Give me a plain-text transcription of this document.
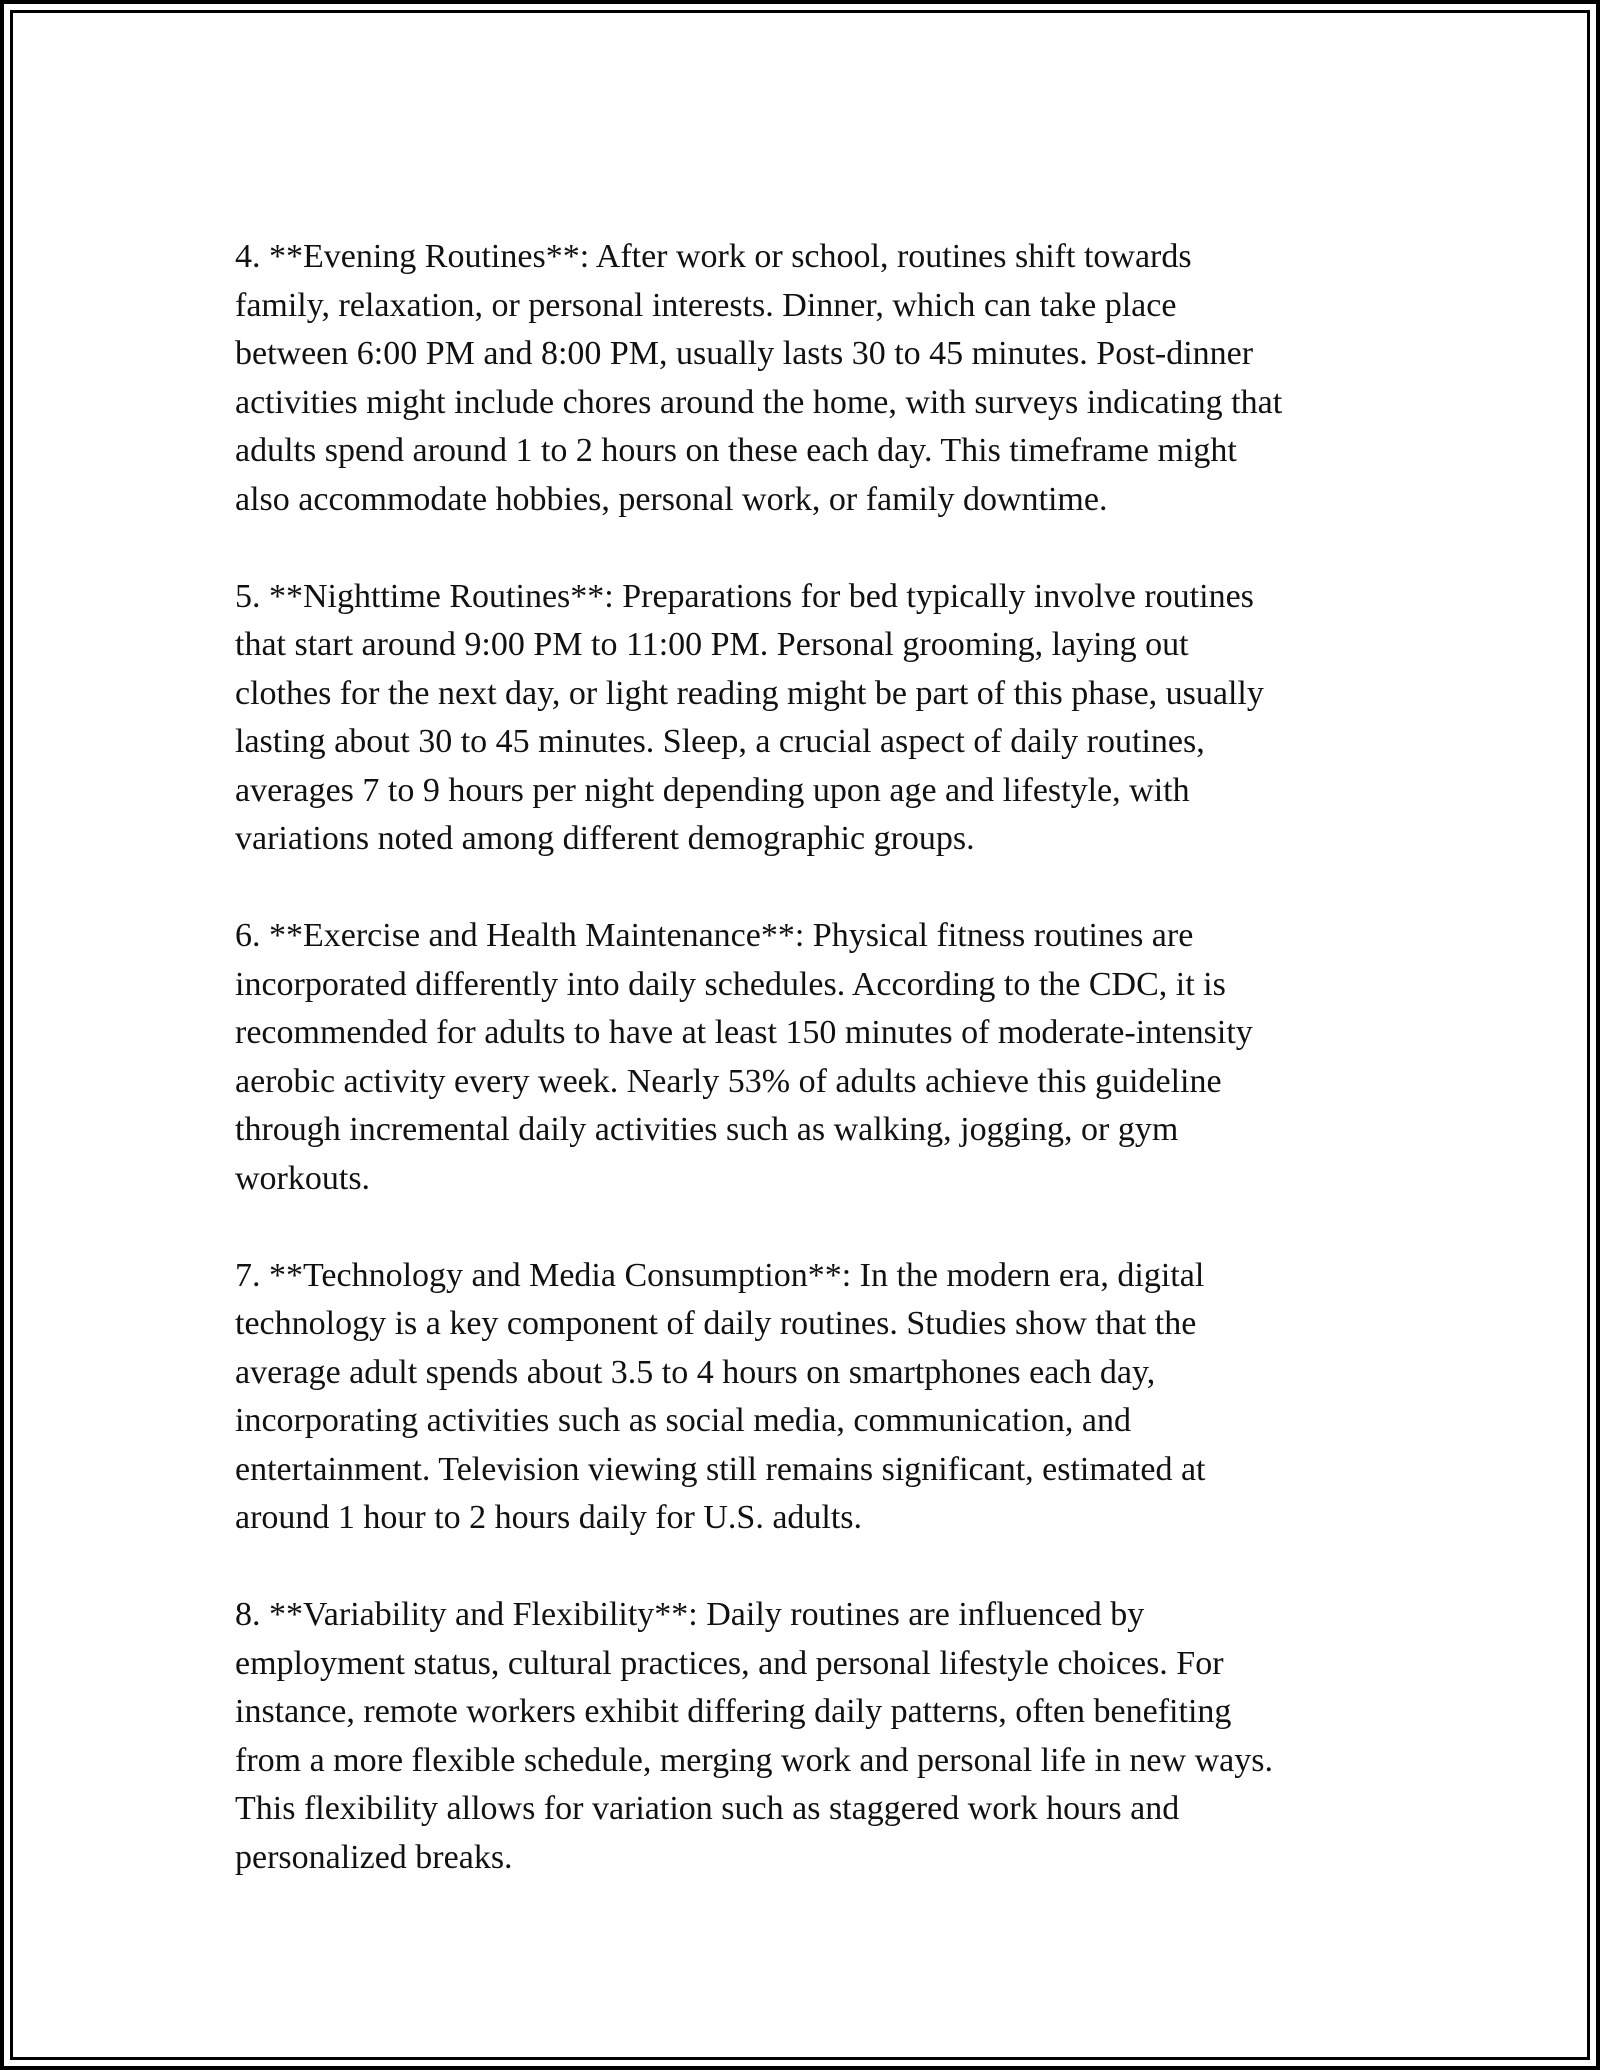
4. **Evening Routines**: After work or school, routines shift towards
family, relaxation, or personal interests. Dinner, which can take place
between 6:00 PM and 8:00 PM, usually lasts 30 to 45 minutes. Post-dinner
activities might include chores around the home, with surveys indicating that
adults spend around 1 to 2 hours on these each day. This timeframe might
also accommodate hobbies, personal work, or family downtime.

5. **Nighttime Routines**: Preparations for bed typically involve routines
that start around 9:00 PM to 11:00 PM. Personal grooming, laying out
clothes for the next day, or light reading might be part of this phase, usually
lasting about 30 to 45 minutes. Sleep, a crucial aspect of daily routines,
averages 7 to 9 hours per night depending upon age and lifestyle, with
variations noted among different demographic groups.

6. **Exercise and Health Maintenance**: Physical fitness routines are
incorporated differently into daily schedules. According to the CDC, it is
recommended for adults to have at least 150 minutes of moderate-intensity
aerobic activity every week. Nearly 53% of adults achieve this guideline
through incremental daily activities such as walking, jogging, or gym
workouts.

7. **Technology and Media Consumption**: In the modern era, digital
technology is a key component of daily routines. Studies show that the
average adult spends about 3.5 to 4 hours on smartphones each day,
incorporating activities such as social media, communication, and
entertainment. Television viewing still remains significant, estimated at
around 1 hour to 2 hours daily for U.S. adults.

8. **Variability and Flexibility**: Daily routines are influenced by
employment status, cultural practices, and personal lifestyle choices. For
instance, remote workers exhibit differing daily patterns, often benefiting
from a more flexible schedule, merging work and personal life in new ways.
This flexibility allows for variation such as staggered work hours and
personalized breaks.
